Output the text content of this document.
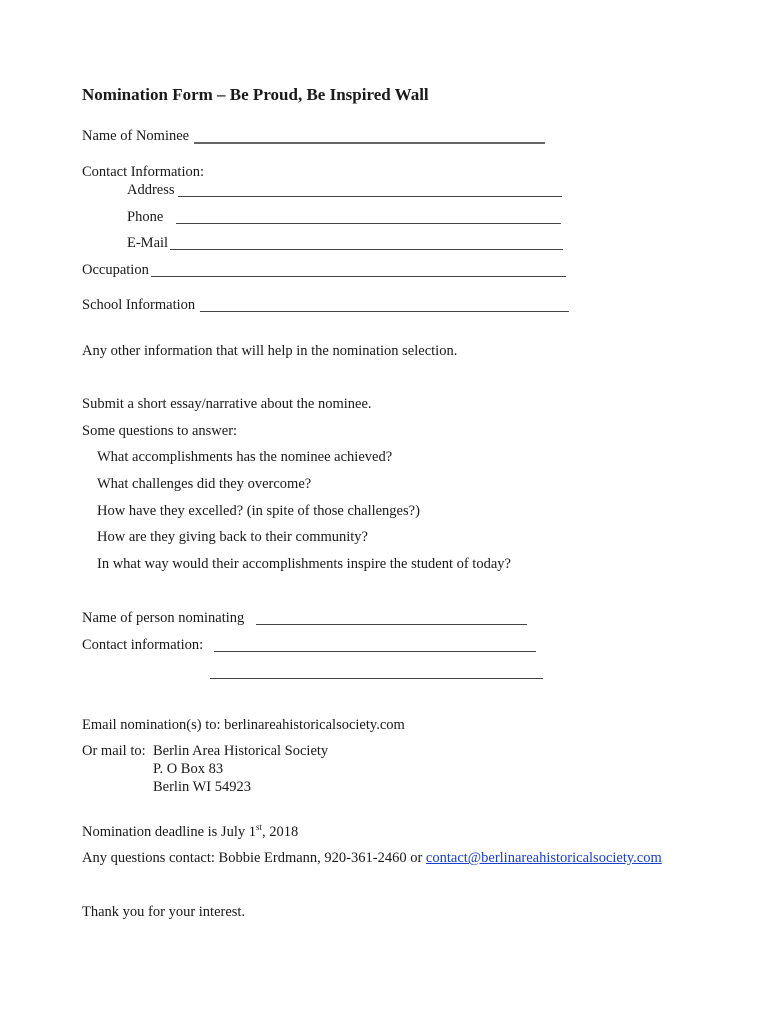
Nomination Form – Be Proud, Be Inspired Wall
Name of Nominee
Contact Information:
Address
Phone
E-Mail
Occupation
School Information
Any other information that will help in the nomination selection.
Submit a short essay/narrative about the nominee.
Some questions to answer:
What accomplishments has the nominee achieved?
What challenges did they overcome?
How have they excelled? (in spite of those challenges?)
How are they giving back to their community?
In what way would their accomplishments inspire the student of today?
Name of person nominating
Contact information:
Email nomination(s) to: berlinareahistoricalsociety.com
Or mail to: Berlin Area Historical Society
P. O Box 83
Berlin WI 54923
Nomination deadline is July 1st, 2018
Any questions contact: Bobbie Erdmann, 920-361-2460 or contact@berlinareahistoricalsociety.com
Thank you for your interest.
